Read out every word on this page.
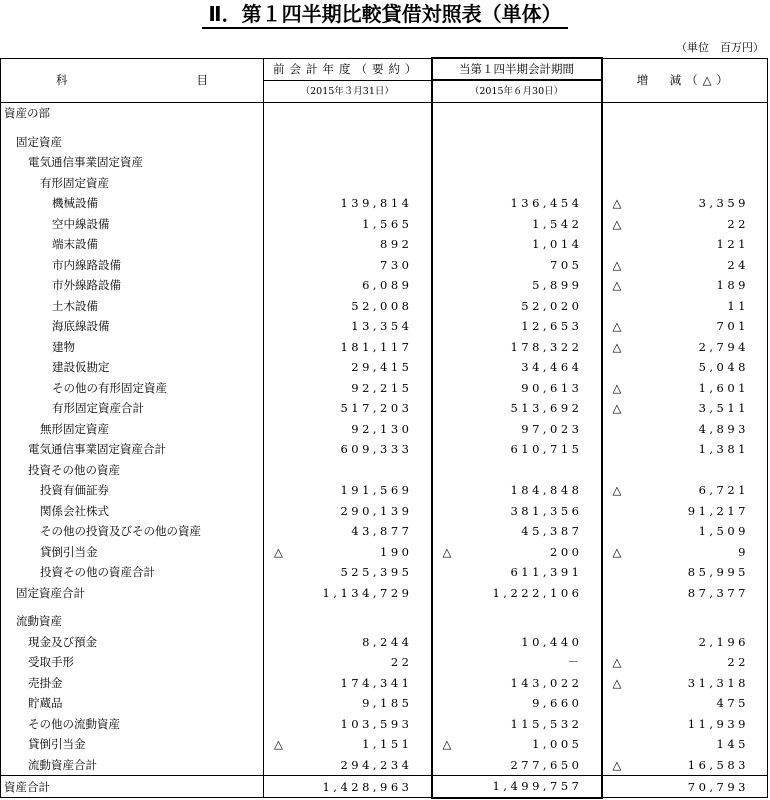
Ⅱ．第１四半期比較貸借対照表（単体）
（単位　百万円）
科 目	前会計年度（要約）	当第１四半期会計期間	増　減（△）
	（2015年３月31日）	（2015年６月30日）	
資産の部	

固定資産	

電気通信事業固定資産	

有形固定資産	

機械設備	139,814	136,454	△ 3,359
空中線設備	1,565	1,542	△ 22
端末設備	892	1,014	121
市内線路設備	730	705	△ 24
市外線路設備	6,089	5,899	△ 189
土木設備	52,008	52,020	11
海底線設備	13,354	12,653	△ 701
建物	181,117	178,322	△ 2,794
建設仮勘定	29,415	34,464	5,048
その他の有形固定資産	92,215	90,613	△ 1,601
有形固定資産合計	517,203	513,692	△ 3,511
無形固定資産	92,130	97,023	4,893
電気通信事業固定資産合計	609,333	610,715	1,381
投資その他の資産	

投資有価証券	191,569	184,848	△ 6,721
関係会社株式	290,139	381,356	91,217
その他の投資及びその他の資産	43,877	45,387	1,509
貸倒引当金	△ 190	△ 200	△ 9
投資その他の資産合計	525,395	611,391	85,995
固定資産合計	1,134,729	1,222,106	87,377

流動資産	

現金及び預金	8,244	10,440	2,196
受取手形	22	－	△ 22
売掛金	174,341	143,022	△ 31,318
貯蔵品	9,185	9,660	475
その他の流動資産	103,593	115,532	11,939
貸倒引当金	△ 1,151	△ 1,005	145
流動資産合計	294,234	277,650	△ 16,583
資産合計	1,428,963	1,499,757	70,793
